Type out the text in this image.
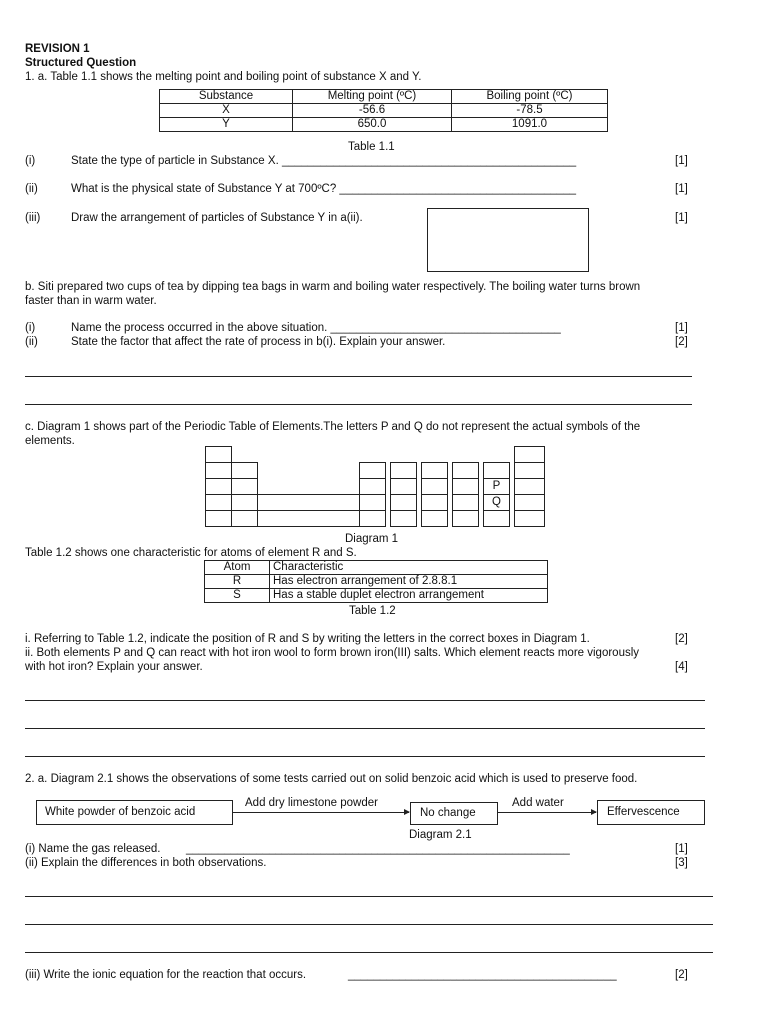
REVISION 1
Structured Question
1. a. Table 1.1 shows the melting point and boiling point of substance X and Y.
Substance	Melting point (ºC)	Boiling point (ºC)
X	-56.6	-78.5
Y	650.0	1091.0
Table 1.1
(i)	State the type of particle in Substance X. ______________________________________________	[1]
(ii)	What is the physical state of Substance Y at 700ºC? _____________________________________	[1]
(iii)	Draw the arrangement of particles of Substance Y in a(ii).	[1]
b. Siti prepared two cups of tea by dipping tea bags in warm and boiling water respectively. The boiling water turns brown
faster than in warm water.
(i)	Name the process occurred in the above situation. ____________________________________	[1]
(ii)	State the factor that affect the rate of process in b(i). Explain your answer.	[2]
c. Diagram 1 shows part of the Periodic Table of Elements.The letters P and Q do not represent the actual symbols of the
elements.
P
Q
Diagram 1
Table 1.2 shows one characteristic for atoms of element R and S.
Atom	Characteristic
R	Has electron arrangement of 2.8.8.1
S	Has a stable duplet electron arrangement
Table 1.2
i. Referring to Table 1.2, indicate the position of R and S by writing the letters in the correct boxes in Diagram 1.	[2]
ii. Both elements P and Q can react with hot iron wool to form brown iron(III) salts. Which element reacts more vigorously
with hot iron? Explain your answer.	[4]
2. a. Diagram 2.1 shows the observations of some tests carried out on solid benzoic acid which is used to preserve food.
White powder of benzoic acid
Add dry limestone powder
No change
Add water
Effervescence
Diagram 2.1
(i) Name the gas released. ____________________________________________________________	[1]
(ii) Explain the differences in both observations.	[3]
(iii) Write the ionic equation for the reaction that occurs.	__________________________________________	[2]
